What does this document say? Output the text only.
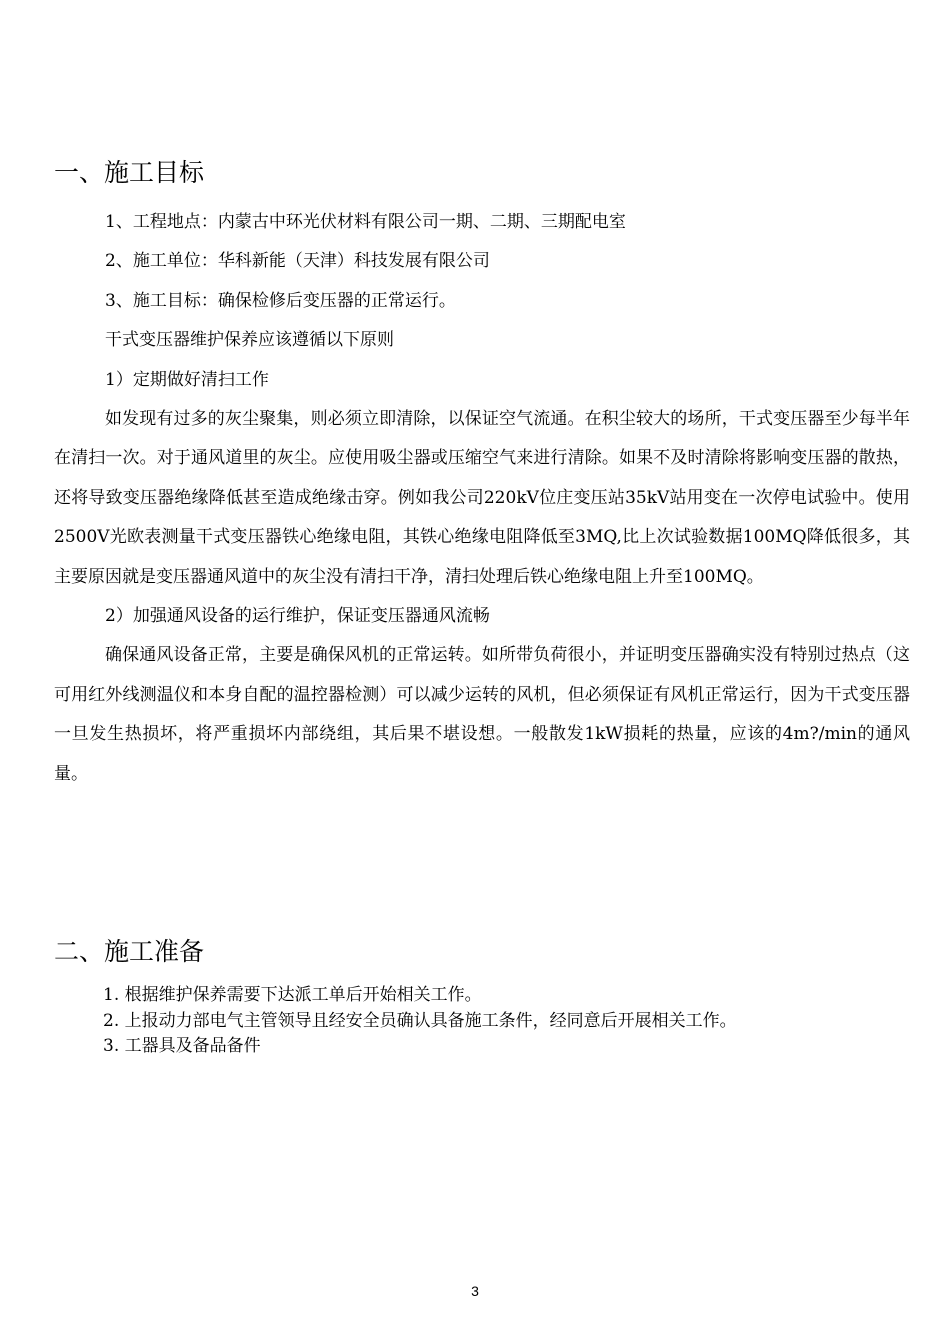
一、施工目标

1、工程地点：内蒙古中环光伏材料有限公司一期、二期、三期配电室

2、施工单位：华科新能（天津）科技发展有限公司

3、施工目标：确保检修后变压器的正常运行。

干式变压器维护保养应该遵循以下原则

1）定期做好清扫工作

如发现有过多的灰尘聚集，则必须立即清除，以保证空气流通。在积尘较大的场所，干式变压器至少每半年在清扫一次。对于通风道里的灰尘。应使用吸尘器或压缩空气来进行清除。如果不及时清除将影响变压器的散热，还将导致变压器绝缘降低甚至造成绝缘击穿。例如我公司220kV位庄变压站35kV站用变在一次停电试验中。使用2500V光欧表测量干式变压器铁心绝缘电阻，其铁心绝缘电阻降低至3MQ,比上次试验数据100MQ降低很多，其主要原因就是变压器通风道中的灰尘没有清扫干净，清扫处理后铁心绝缘电阻上升至100MQ。

2）加强通风设备的运行维护，保证变压器通风流畅

确保通风设备正常，主要是确保风机的正常运转。如所带负荷很小，并证明变压器确实没有特别过热点（这可用红外线测温仪和本身自配的温控器检测）可以减少运转的风机，但必须保证有风机正常运行，因为干式变压器一旦发生热损坏，将严重损坏内部绕组，其后果不堪设想。一般散发1kW损耗的热量，应该的4m?/min的通风量。

二、施工准备

1. 根据维护保养需要下达派工单后开始相关工作。

2. 上报动力部电气主管领导且经安全员确认具备施工条件，经同意后开展相关工作。

3. 工器具及备品备件

3
